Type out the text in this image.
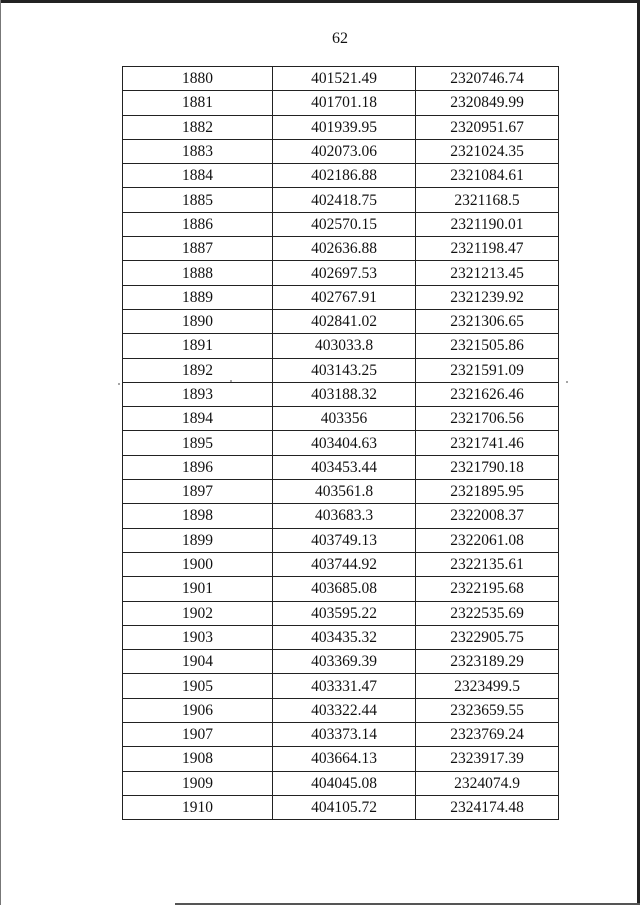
62
1880	401521.49	2320746.74
1881	401701.18	2320849.99
1882	401939.95	2320951.67
1883	402073.06	2321024.35
1884	402186.88	2321084.61
1885	402418.75	2321168.5
1886	402570.15	2321190.01
1887	402636.88	2321198.47
1888	402697.53	2321213.45
1889	402767.91	2321239.92
1890	402841.02	2321306.65
1891	403033.8	2321505.86
1892	403143.25	2321591.09
1893	403188.32	2321626.46
1894	403356	2321706.56
1895	403404.63	2321741.46
1896	403453.44	2321790.18
1897	403561.8	2321895.95
1898	403683.3	2322008.37
1899	403749.13	2322061.08
1900	403744.92	2322135.61
1901	403685.08	2322195.68
1902	403595.22	2322535.69
1903	403435.32	2322905.75
1904	403369.39	2323189.29
1905	403331.47	2323499.5
1906	403322.44	2323659.55
1907	403373.14	2323769.24
1908	403664.13	2323917.39
1909	404045.08	2324074.9
1910	404105.72	2324174.48
